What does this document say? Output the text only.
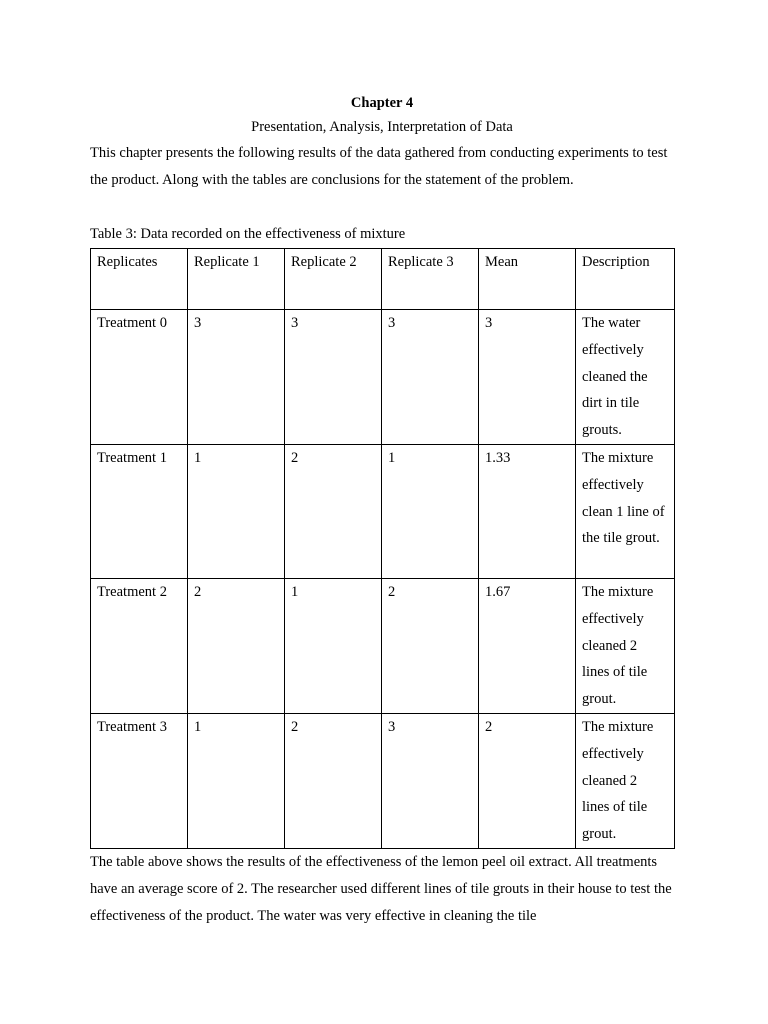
Chapter 4
Presentation, Analysis, Interpretation of Data

This chapter presents the following results of the data gathered from conducting experiments to test the product. Along with the tables are conclusions for the statement of the problem.

Table 3: Data recorded on the effectiveness of mixture
Replicates	Replicate 1	Replicate 2	Replicate 3	Mean	Description
Treatment 0	3	3	3	3	The water effectively cleaned the dirt in tile grouts.
Treatment 1	1	2	1	1.33	The mixture effectively clean 1 line of the tile grout.
Treatment 2	2	1	2	1.67	The mixture effectively cleaned 2 lines of tile grout.
Treatment 3	1	2	3	2	The mixture effectively cleaned 2 lines of tile grout.

The table above shows the results of the effectiveness of the lemon peel oil extract. All treatments have an average score of 2. The researcher used different lines of tile grouts in their house to test the effectiveness of the product. The water was very effective in cleaning the tile
